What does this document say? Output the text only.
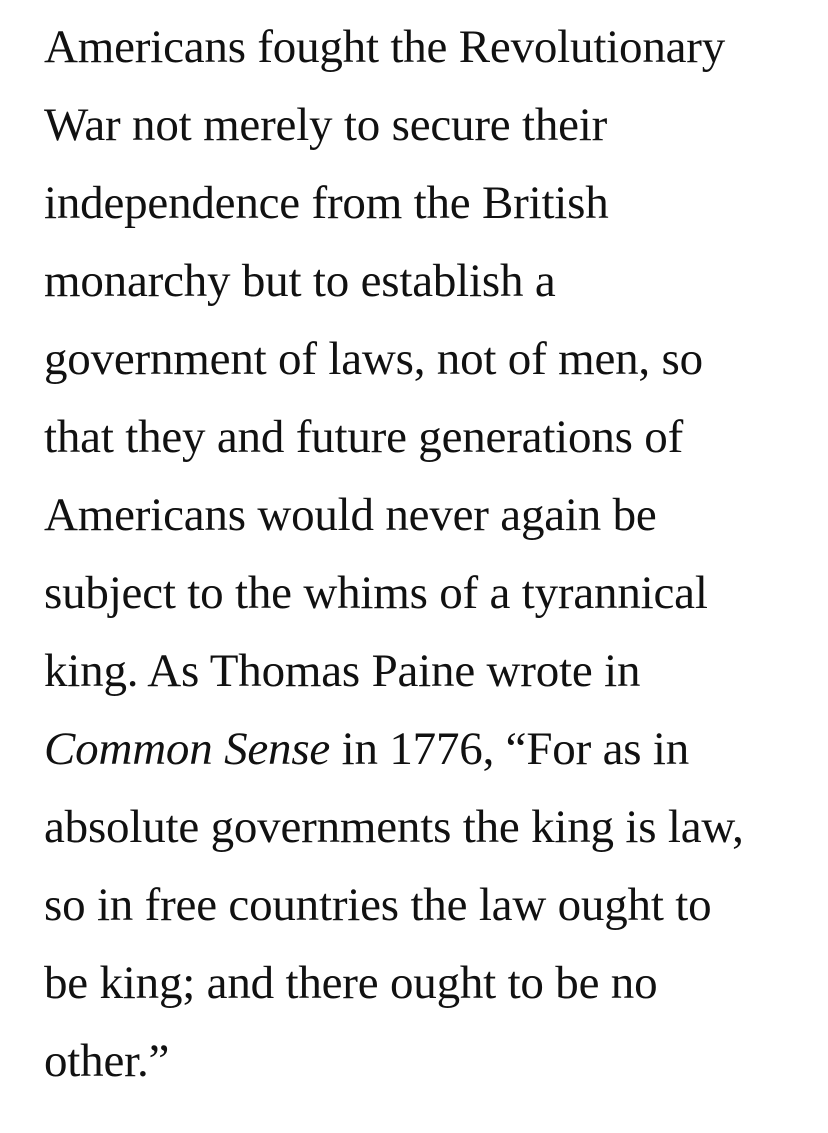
Americans fought the Revolutionary
War not merely to secure their
independence from the British
monarchy but to establish a
government of laws, not of men, so
that they and future generations of
Americans would never again be
subject to the whims of a tyrannical
king. As Thomas Paine wrote in
Common Sense in 1776, “For as in
absolute governments the king is law,
so in free countries the law ought to
be king; and there ought to be no
other.”
